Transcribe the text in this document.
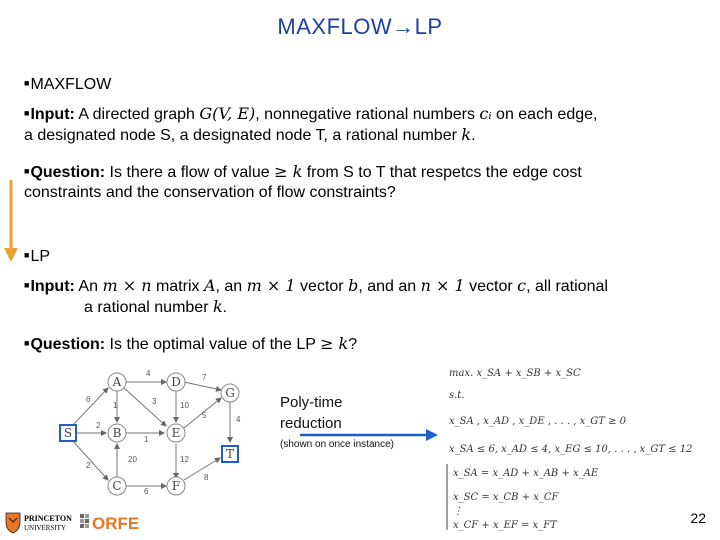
MAXFLOW→LP
■MAXFLOW
■Input: A directed graph G(V, E), nonnegative rational numbers cᵢ on each edge,
a designated node S, a designated node T, a rational number k.
■Question: Is there a flow of value ≥ k from S to T that respetcs the edge cost
constraints and the conservation of flow constraints?
■LP
■Input: An m × n matrix A, an m × 1 vector b, and an n × 1 vector c, all rational
a rational number k.
■Question: Is the optimal value of the LP ≥ k?
S
A
B
C
D
E
F
G
T
6
4	7
1
2
3
1
20
6
2
10
5
12
8
4
Poly-time
reduction
(shown on once instance)
max. x_SA + x_SB + x_SC
s.t.
x_SA , x_AD , x_DE , . . . , x_GT ≥ 0
x_SA ≤ 6, x_AD ≤ 4, x_EG ≤ 10, . . . , x_GT ≤ 12
x_SA = x_AD + x_AB + x_AE
x_SC = x_CB + x_CF
⋮
x_CF + x_EF = x_FT
PRINCETON
UNIVERSITY ORFE	22
